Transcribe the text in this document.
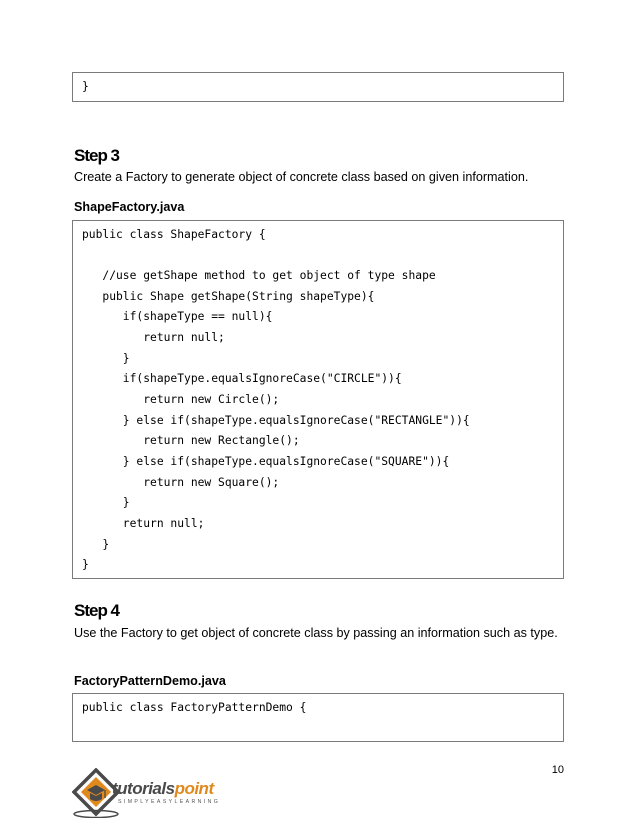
}
Step 3
Create a Factory to generate object of concrete class based on given information.
ShapeFactory.java
public class ShapeFactory {
//use getShape method to get object of type shape
public Shape getShape(String shapeType){
if(shapeType == null){
return null;
}
if(shapeType.equalsIgnoreCase("CIRCLE")){
return new Circle();
} else if(shapeType.equalsIgnoreCase("RECTANGLE")){
return new Rectangle();
} else if(shapeType.equalsIgnoreCase("SQUARE")){
return new Square();
}
return null;
}
}
Step 4
Use the Factory to get object of concrete class by passing an information such as type.
FactoryPatternDemo.java
public class FactoryPatternDemo {
10
tutorialspoint
SIMPLYEASYLEARNING
